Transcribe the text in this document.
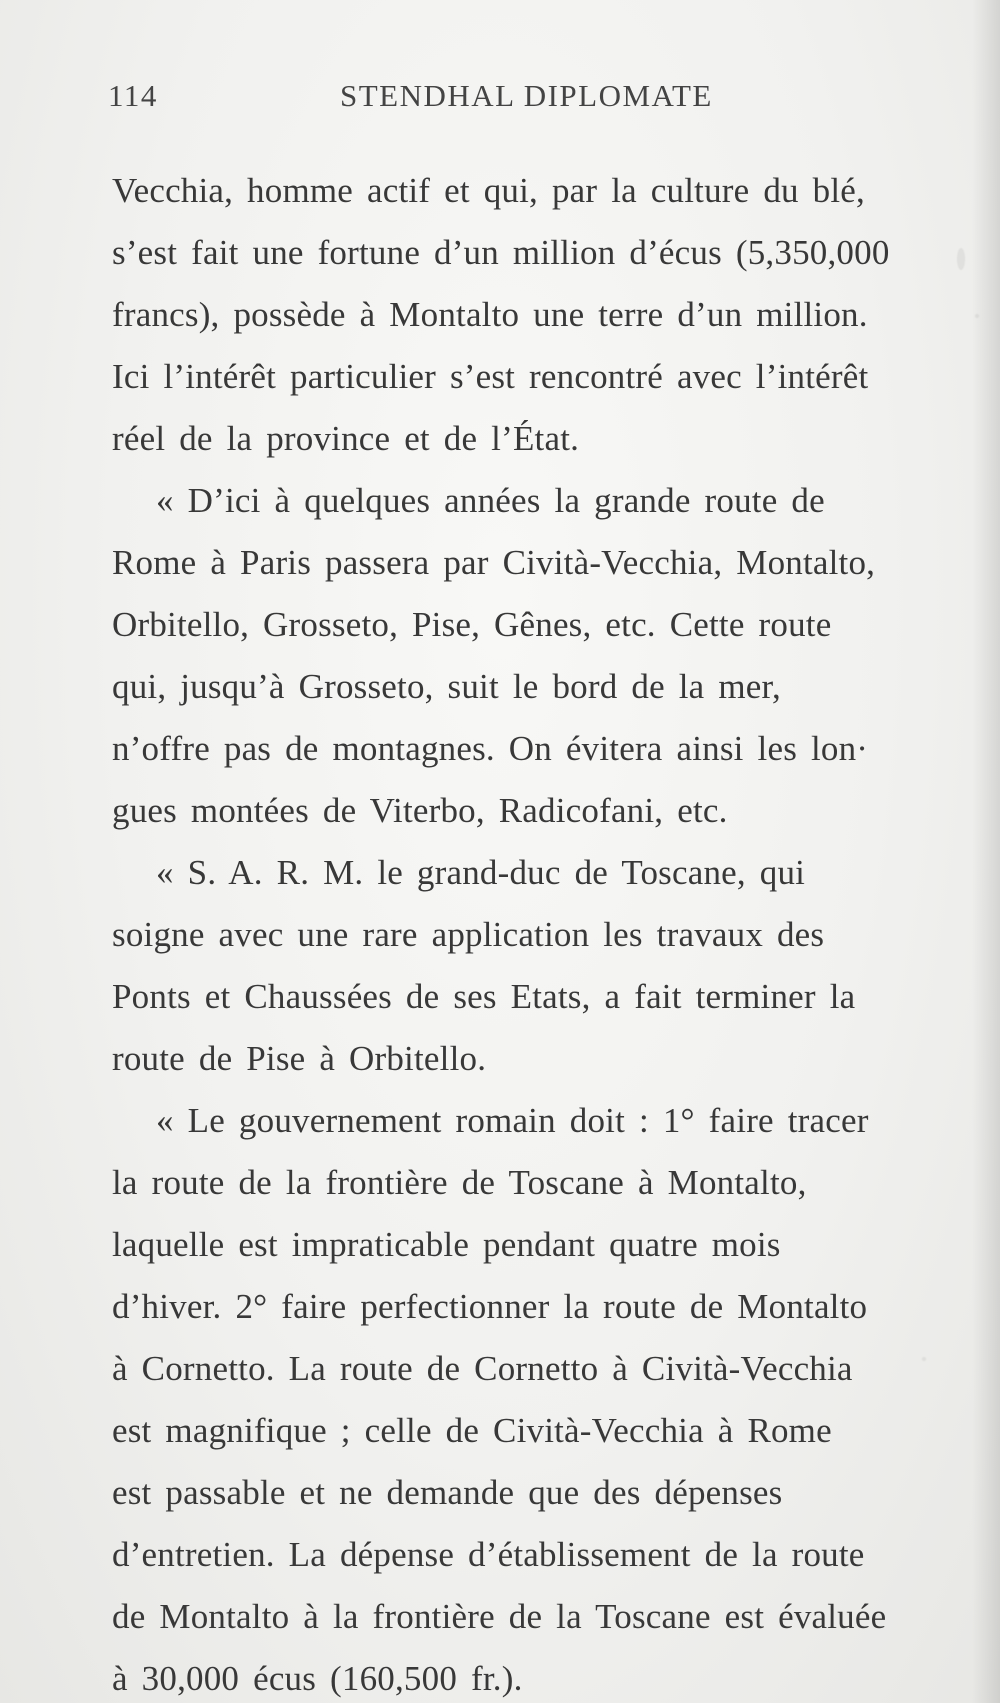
114	STENDHAL DIPLOMATE
Vecchia, homme actif et qui, par la culture du blé,
s’est fait une fortune d’un million d’écus (5,350,000
francs), possède à Montalto une terre d’un million.
Ici l’intérêt particulier s’est rencontré avec l’intérêt
réel de la province et de l’État.
« D’ici à quelques années la grande route de
Rome à Paris passera par Cività-Vecchia, Montalto,
Orbitello, Grosseto, Pise, Gênes, etc. Cette route
qui, jusqu’à Grosseto, suit le bord de la mer,
n’offre pas de montagnes. On évitera ainsi les lon·
gues montées de Viterbo, Radicofani, etc.
« S. A. R. M. le grand-duc de Toscane, qui
soigne avec une rare application les travaux des
Ponts et Chaussées de ses Etats, a fait terminer la
route de Pise à Orbitello.
« Le gouvernement romain doit : 1° faire tracer
la route de la frontière de Toscane à Montalto,
laquelle est impraticable pendant quatre mois
d’hiver. 2° faire perfectionner la route de Montalto
à Cornetto. La route de Cornetto à Cività-Vecchia
est magnifique ; celle de Cività-Vecchia à Rome
est passable et ne demande que des dépenses
d’entretien. La dépense d’établissement de la route
de Montalto à la frontière de la Toscane est évaluée
à 30,000 écus (160,500 fr.).
